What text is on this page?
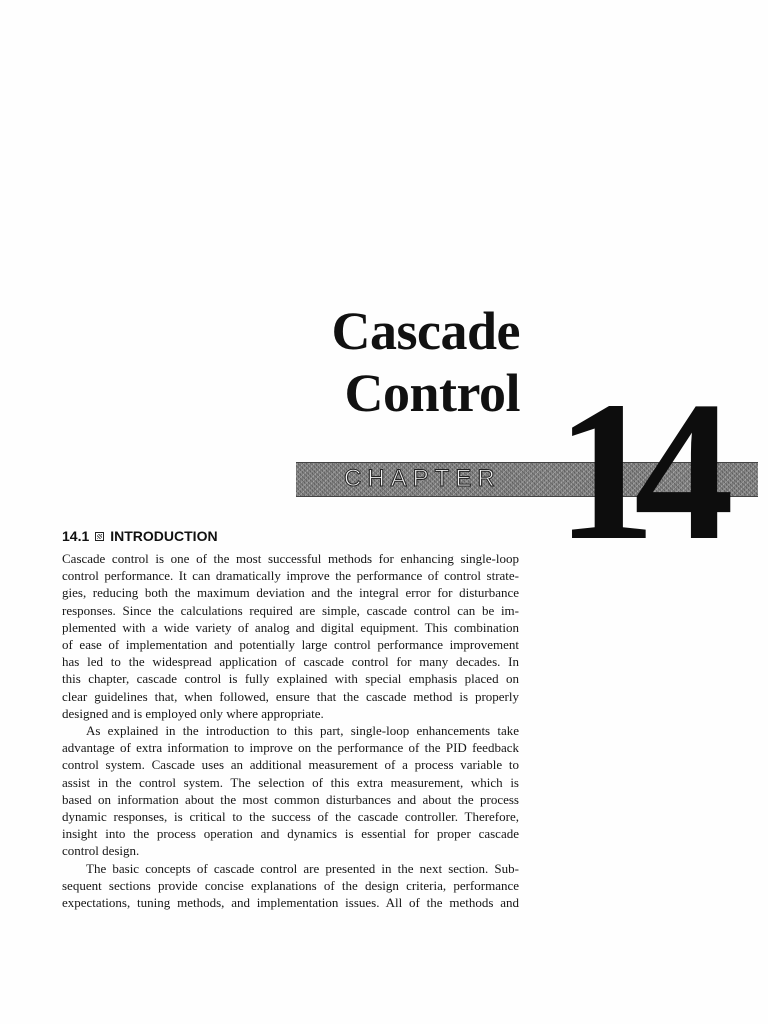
Cascade
Control
CHAPTER 14
14.1 INTRODUCTION

Cascade control is one of the most successful methods for enhancing single-loop
control performance. It can dramatically improve the performance of control strate-
gies, reducing both the maximum deviation and the integral error for disturbance
responses. Since the calculations required are simple, cascade control can be im-
plemented with a wide variety of analog and digital equipment. This combination
of ease of implementation and potentially large control performance improvement
has led to the widespread application of cascade control for many decades. In
this chapter, cascade control is fully explained with special emphasis placed on
clear guidelines that, when followed, ensure that the cascade method is properly
designed and is employed only where appropriate.

As explained in the introduction to this part, single-loop enhancements take
advantage of extra information to improve on the performance of the PID feedback
control system. Cascade uses an additional measurement of a process variable to
assist in the control system. The selection of this extra measurement, which is
based on information about the most common disturbances and about the process
dynamic responses, is critical to the success of the cascade controller. Therefore,
insight into the process operation and dynamics is essential for proper cascade
control design.

The basic concepts of cascade control are presented in the next section. Sub-
sequent sections provide concise explanations of the design criteria, performance
expectations, tuning methods, and implementation issues. All of the methods and
